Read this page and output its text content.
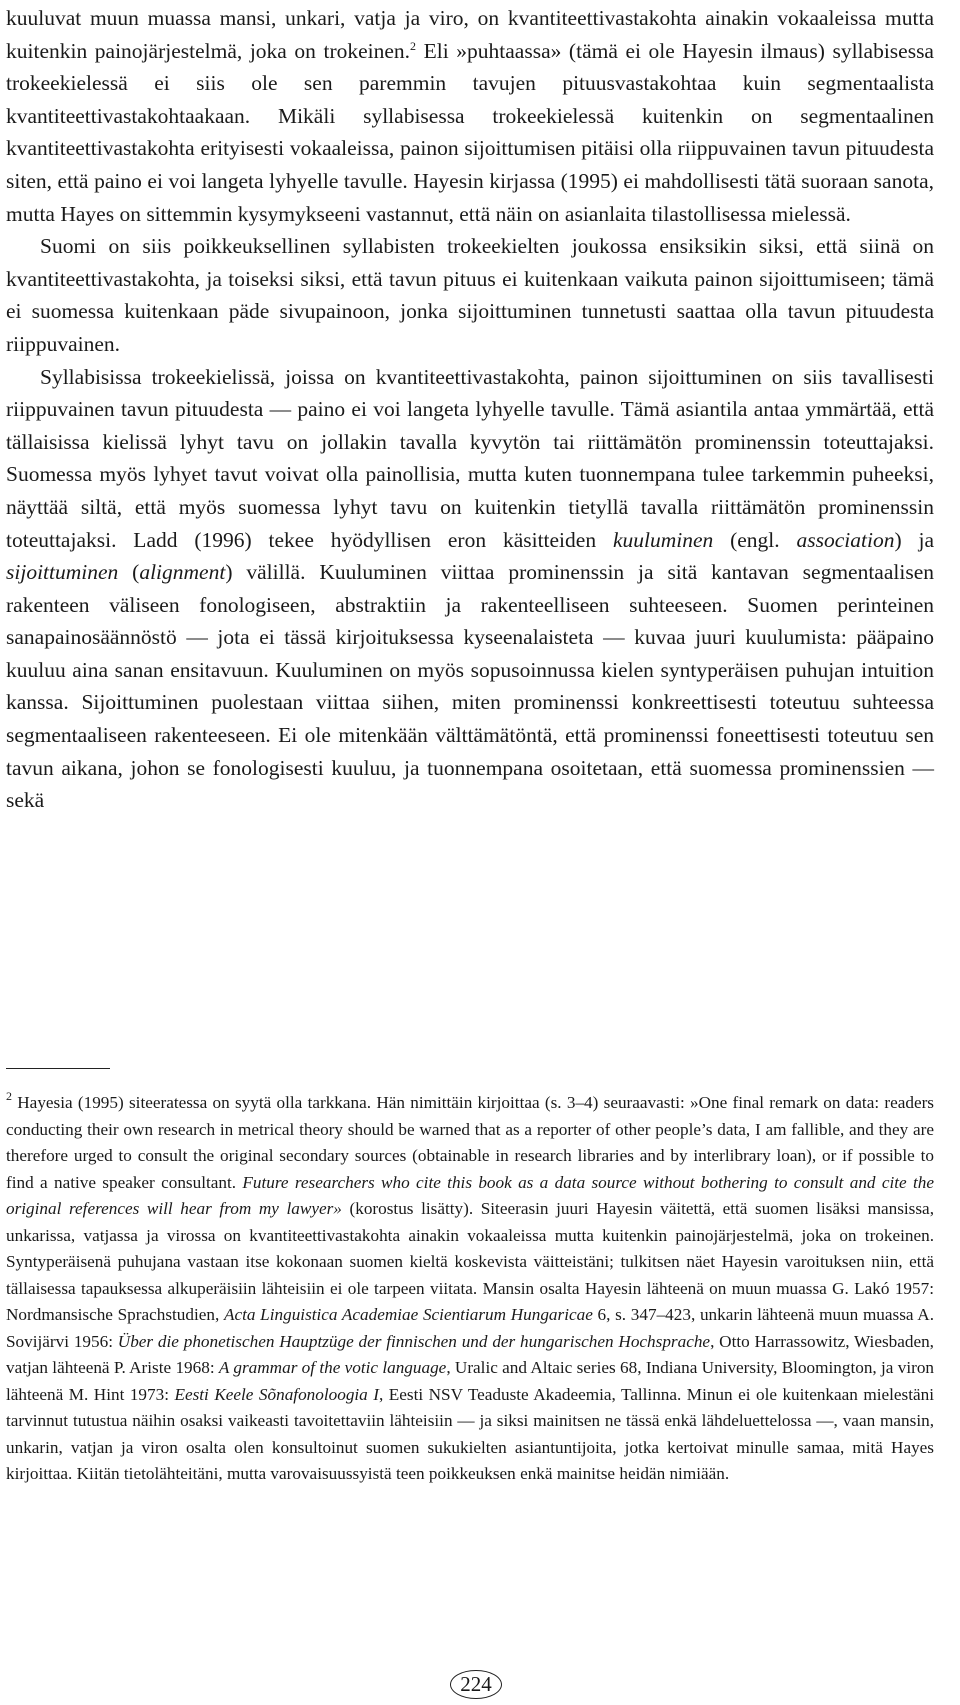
kuuluvat muun muassa mansi, unkari, vatja ja viro, on kvantiteettivastakohta ainakin vokaaleissa mutta kuitenkin painojärjestelmä, joka on trokeinen.$^2$ Eli »puhtaassa» (tämä ei ole Hayesin ilmaus) syllabisessa trokeekielessä ei siis ole sen paremmin tavujen pituusvastakohtaa kuin segmentaalista kvantiteettivastakohtaakaan. Mikäli syllabisessa trokeekielessä kuitenkin on segmentaalinen kvantiteettivastakohta erityisesti vokaaleissa, painon sijoittumisen pitäisi olla riippuvainen tavun pituudesta siten, että paino ei voi langeta lyhyelle tavulle. Hayesin kirjassa (1995) ei mahdollisesti tätä suoraan sanota, mutta Hayes on sittemmin kysymykseeni vastannut, että näin on asianlaita tilastollisessa mielessä.

Suomi on siis poikkeuksellinen syllabisten trokeekielten joukossa ensiksikin siksi, että siinä on kvantiteettivastakohta, ja toiseksi siksi, että tavun pituus ei kuitenkaan vaikuta painon sijoittumiseen; tämä ei suomessa kuitenkaan päde sivupainoon, jonka sijoittuminen tunnetusti saattaa olla tavun pituudesta riippuvainen.

Syllabisissa trokeekielissä, joissa on kvantiteettivastakohta, painon sijoittuminen on siis tavallisesti riippuvainen tavun pituudesta — paino ei voi langeta lyhyelle tavulle. Tämä asiantila antaa ymmärtää, että tällaisissa kielissä lyhyt tavu on jollakin tavalla kyvytön tai riittämätön prominenssin toteuttajaksi. Suomessa myös lyhyet tavut voivat olla painollisia, mutta kuten tuonnempana tulee tarkemmin puheeksi, näyttää siltä, että myös suomessa lyhyt tavu on kuitenkin tietyllä tavalla riittämätön prominenssin toteuttajaksi. Ladd (1996) tekee hyödyllisen eron käsitteiden kuuluminen (engl. association) ja sijoittuminen (alignment) välillä. Kuuluminen viittaa prominenssin ja sitä kantavan segmentaalisen rakenteen väliseen fonologiseen, abstraktiin ja rakenteelliseen suhteeseen. Suomen perinteinen sanapainosäännöstö — jota ei tässä kirjoituksessa kyseenalaisteta — kuvaa juuri kuulumista: pääpaino kuuluu aina sanan ensitavuun. Kuuluminen on myös sopusoinnussa kielen syntyperäisen puhujan intuition kanssa. Sijoittuminen puolestaan viittaa siihen, miten prominenssi konkreettisesti toteutuu suhteessa segmentaaliseen rakenteeseen. Ei ole mitenkään välttämätöntä, että prominenssi foneettisesti toteutuu sen tavun aikana, johon se fonologisesti kuuluu, ja tuonnempana osoitetaan, että suomessa prominenssien — sekä

$^2$ Hayesia (1995) siteeratessa on syytä olla tarkkana. Hän nimittäin kirjoittaa (s. 3–4) seuraavasti: »One final remark on data: readers conducting their own research in metrical theory should be warned that as a reporter of other people’s data, I am fallible, and they are therefore urged to consult the original secondary sources (obtainable in research libraries and by interlibrary loan), or if possible to find a native speaker consultant. Future researchers who cite this book as a data source without bothering to consult and cite the original references will hear from my lawyer» (korostus lisätty). Siteerasin juuri Hayesin väitettä, että suomen lisäksi mansissa, unkarissa, vatjassa ja virossa on kvantiteettivastakohta ainakin vokaaleissa mutta kuitenkin painojärjestelmä, joka on trokeinen. Syntyperäisenä puhujana vastaan itse kokonaan suomen kieltä koskevista väitteistäni; tulkitsen näet Hayesin varoituksen niin, että tällaisessa tapauksessa alkuperäisiin lähteisiin ei ole tarpeen viitata. Mansin osalta Hayesin lähteenä on muun muassa G. Lakó 1957: Nordmansische Sprachstudien, Acta Linguistica Academiae Scientiarum Hungaricae 6, s. 347–423, unkarin lähteenä muun muassa A. Sovijärvi 1956: Über die phonetischen Hauptzüge der finnischen und der hungarischen Hochsprache, Otto Harrassowitz, Wiesbaden, vatjan lähteenä P. Ariste 1968: A grammar of the votic language, Uralic and Altaic series 68, Indiana University, Bloomington, ja viron lähteenä M. Hint 1973: Eesti Keele Sõnafonoloogia I, Eesti NSV Teaduste Akadeemia, Tallinna. Minun ei ole kuitenkaan mielestäni tarvinnut tutustua näihin osaksi vaikeasti tavoitettaviin lähteisiin — ja siksi mainitsen ne tässä enkä lähdeluettelossa —, vaan mansin, unkarin, vatjan ja viron osalta olen konsultoinut suomen sukukielten asiantuntijoita, jotka kertoivat minulle samaa, mitä Hayes kirjoittaa. Kiitän tietolähteitäni, mutta varovaisuussyistä teen poikkeuksen enkä mainitse heidän nimiään.

224
